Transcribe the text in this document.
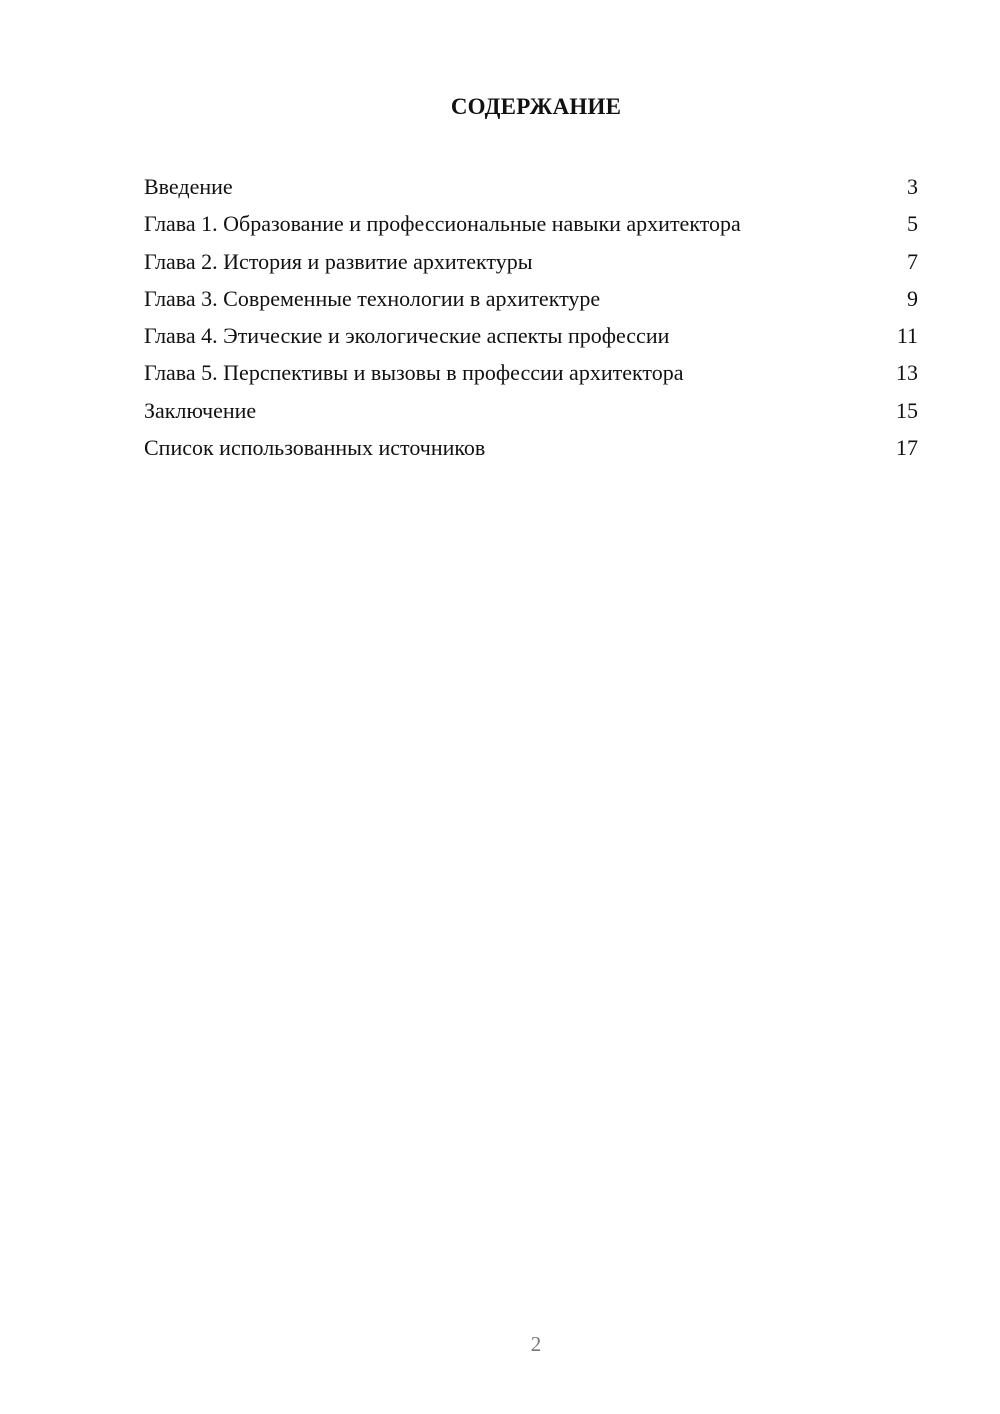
СОДЕРЖАНИЕ
Введение	3
Глава 1. Образование и профессиональные навыки архитектора	5
Глава 2. История и развитие архитектуры	7
Глава 3. Современные технологии в архитектуре	9
Глава 4. Этические и экологические аспекты профессии	11
Глава 5. Перспективы и вызовы в профессии архитектора	13
Заключение	15
Список использованных источников	17
2
